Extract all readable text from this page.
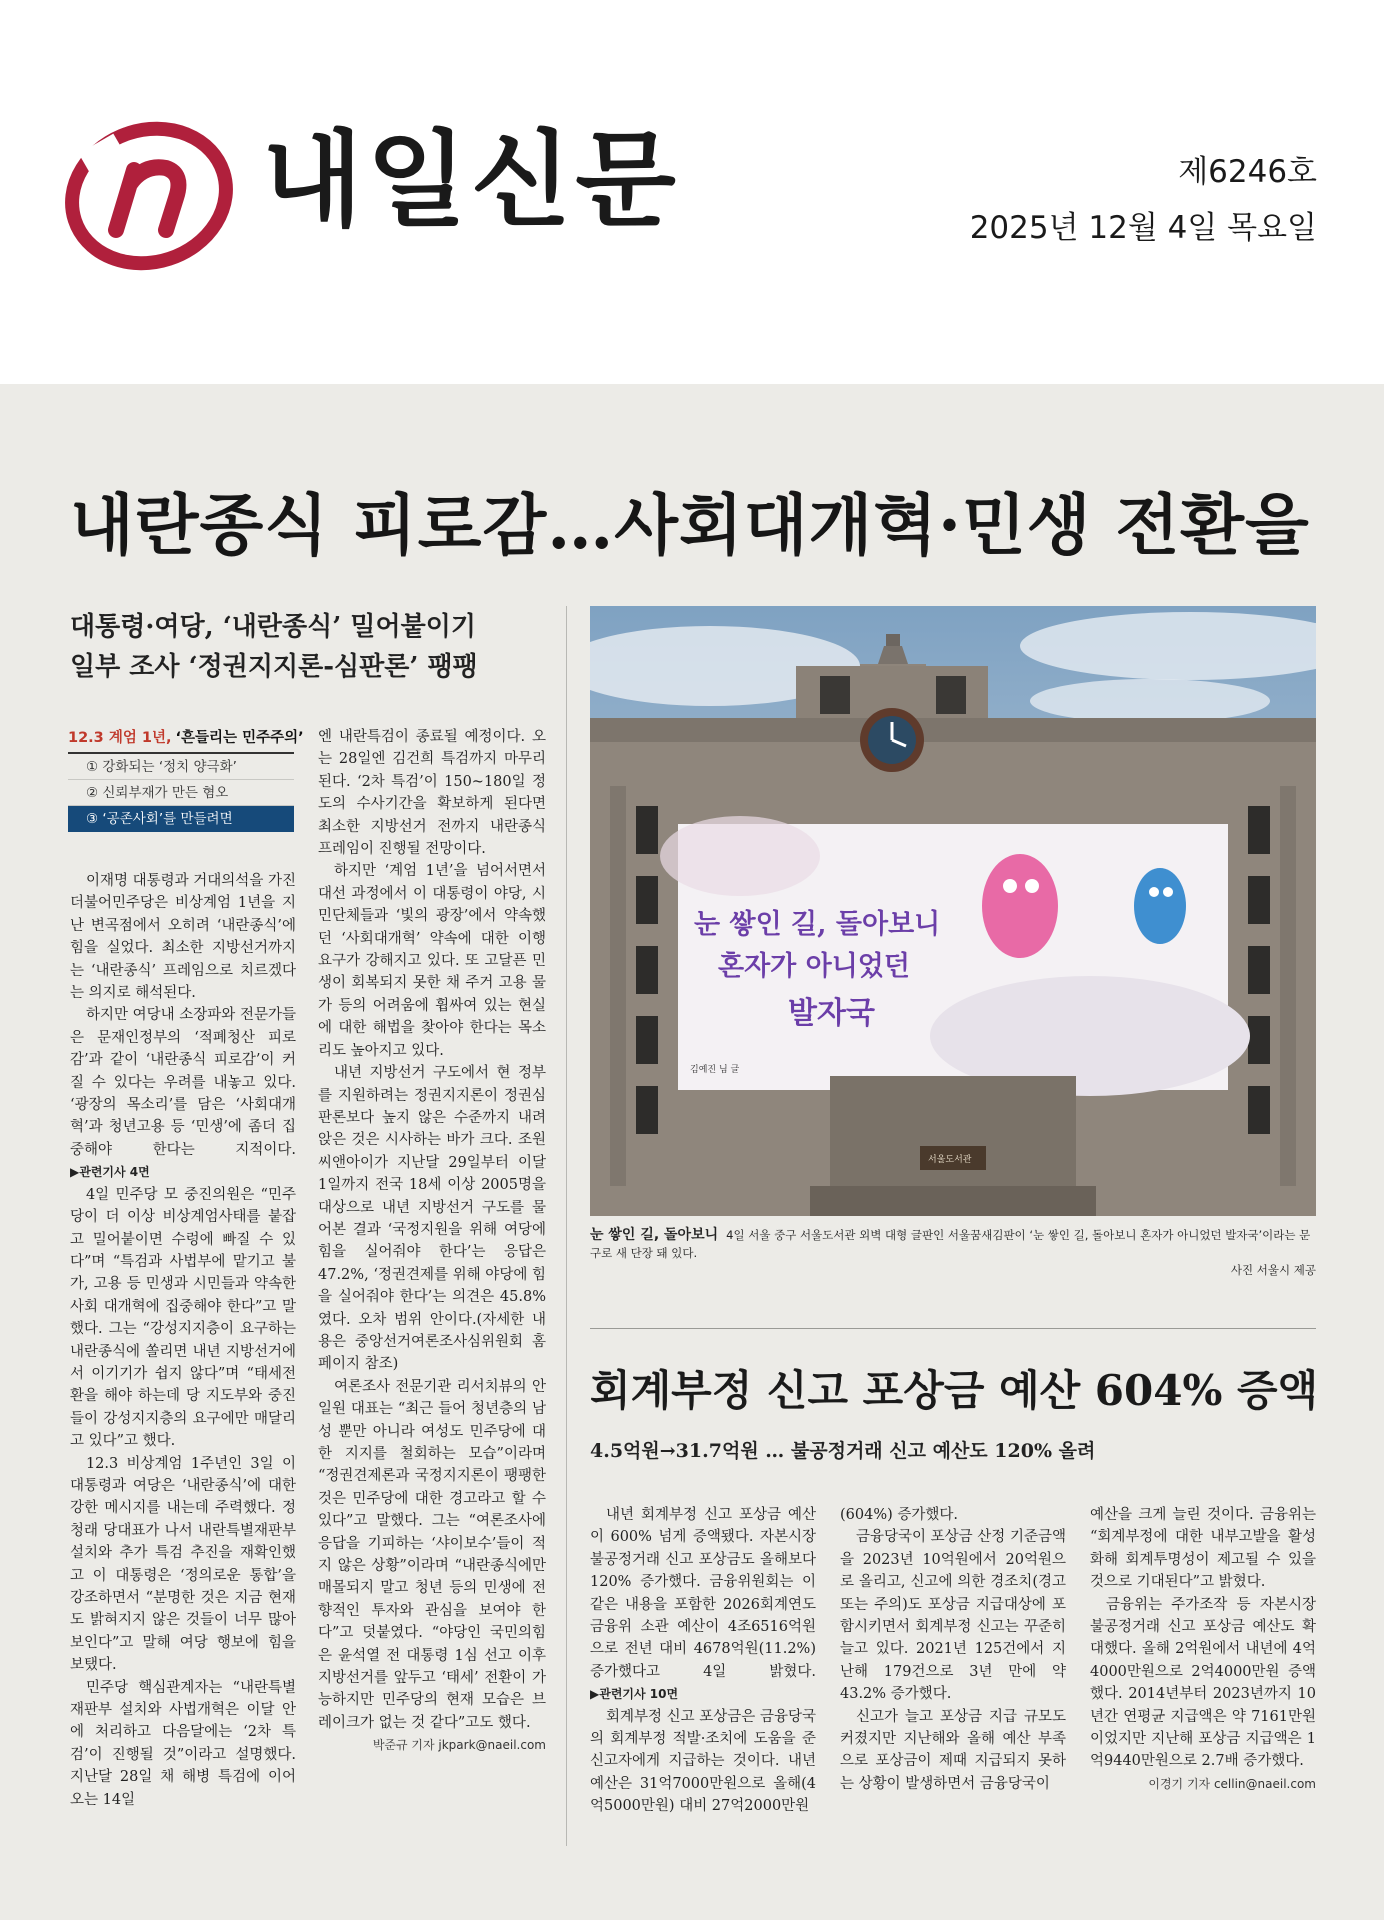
내일신문	제6246호
2025년 12월 4일 목요일
내란종식 피로감…사회대개혁·민생 전환을
대통령·여당, ‘내란종식’ 밀어붙이기
일부 조사 ‘정권지지론-심판론’ 팽팽
12.3 계엄 1년, ‘흔들리는 민주주의’
① 강화되는 ‘정치 양극화’
② 신뢰부재가 만든 혐오
③ ‘공존사회’를 만들려면

이재명 대통령과 거대의석을 가진 더불어민주당은 비상계엄 1년을 지난 변곡점에서 오히려 ‘내란종식’에 힘을 실었다. 최소한 지방선거까지는 ‘내란종식’ 프레임으로 치르겠다는 의지로 해석된다.

하지만 여당내 소장파와 전문가들은 문재인정부의 ‘적폐청산 피로감’과 같이 ‘내란종식 피로감’이 커질 수 있다는 우려를 내놓고 있다. ‘광장의 목소리’를 담은 ‘사회대개혁’과 청년고용 등 ‘민생’에 좀더 집중해야 한다는 지적이다. ▶관련기사 4면

4일 민주당 모 중진의원은 “민주당이 더 이상 비상계엄사태를 붙잡고 밀어붙이면 수렁에 빠질 수 있다”며 “특검과 사법부에 맡기고 불가, 고용 등 민생과 시민들과 약속한 사회 대개혁에 집중해야 한다”고 말했다. 그는 “강성지지층이 요구하는 내란종식에 쏠리면 내년 지방선거에서 이기기가 쉽지 않다”며 “태세전환을 해야 하는데 당 지도부와 중진들이 강성지지층의 요구에만 매달리고 있다”고 했다.

12.3 비상계엄 1주년인 3일 이 대통령과 여당은 ‘내란종식’에 대한 강한 메시지를 내는데 주력했다. 정청래 당대표가 나서 내란특별재판부 설치와 추가 특검 추진을 재확인했고 이 대통령은 ‘정의로운 통합’을 강조하면서 “분명한 것은 지금 현재도 밝혀지지 않은 것들이 너무 많아 보인다”고 말해 여당 행보에 힘을 보탰다.

민주당 핵심관계자는 “내란특별재판부 설치와 사법개혁은 이달 안에 처리하고 다음달에는 ‘2차 특검’이 진행될 것”이라고 설명했다. 지난달 28일 채 해병 특검에 이어 오는 14일

엔 내란특검이 종료될 예정이다. 오는 28일엔 김건희 특검까지 마무리된다. ‘2차 특검’이 150~180일 정도의 수사기간을 확보하게 된다면 최소한 지방선거 전까지 내란종식 프레임이 진행될 전망이다.

하지만 ‘계엄 1년’을 넘어서면서 대선 과정에서 이 대통령이 야당, 시민단체들과 ‘빛의 광장’에서 약속했던 ‘사회대개혁’ 약속에 대한 이행 요구가 강해지고 있다. 또 고달픈 민생이 회복되지 못한 채 주거 고용 물가 등의 어려움에 휩싸여 있는 현실에 대한 해법을 찾아야 한다는 목소리도 높아지고 있다.

내년 지방선거 구도에서 현 정부를 지원하려는 정권지지론이 정권심판론보다 높지 않은 수준까지 내려앉은 것은 시사하는 바가 크다. 조원씨앤아이가 지난달 29일부터 이달 1일까지 전국 18세 이상 2005명을 대상으로 내년 지방선거 구도를 물어본 결과 ‘국정지원을 위해 여당에 힘을 실어줘야 한다’는 응답은 47.2%, ‘정권견제를 위해 야당에 힘을 실어줘야 한다’는 의견은 45.8%였다. 오차 범위 안이다.(자세한 내용은 중앙선거여론조사심위원회 홈페이지 참조)

여론조사 전문기관 리서치뷰의 안일원 대표는 “최근 들어 청년층의 남성 뿐만 아니라 여성도 민주당에 대한 지지를 철회하는 모습”이라며 “정권견제론과 국정지지론이 팽팽한 것은 민주당에 대한 경고라고 할 수 있다”고 말했다. 그는 “여론조사에 응답을 기피하는 ‘샤이보수’들이 적지 않은 상황”이라며 “내란종식에만 매몰되지 말고 청년 등의 민생에 전향적인 투자와 관심을 보여야 한다”고 덧붙였다. “야당인 국민의힘은 윤석열 전 대통령 1심 선고 이후 지방선거를 앞두고 ‘태세’ 전환이 가능하지만 민주당의 현재 모습은 브레이크가 없는 것 같다”고도 했다.

박준규 기자 jkpark@naeil.com

눈 쌓인 길, 돌아보니
혼자가 아니었던
발자국
김예진 님 글
서울도서관
눈 쌓인 길, 돌아보니 4일 서울 중구 서울도서관 외벽 대형 글판인 서울꿈새김판이 ‘눈 쌓인 길, 돌아보니 혼자가 아니었던 발자국’이라는 문구로 새 단장 돼 있다.
사진 서울시 제공
회계부정 신고 포상금 예산 604% 증액
4.5억원→31.7억원 … 불공정거래 신고 예산도 120% 올려

내년 회계부정 신고 포상금 예산이 600% 넘게 증액됐다. 자본시장 불공정거래 신고 포상금도 올해보다 120% 증가했다. 금융위원회는 이 같은 내용을 포함한 2026회계연도 금융위 소관 예산이 4조6516억원으로 전년 대비 4678억원(11.2%) 증가했다고 4일 밝혔다. ▶관련기사 10면

회계부정 신고 포상금은 금융당국의 회계부정 적발·조치에 도움을 준 신고자에게 지급하는 것이다. 내년 예산은 31억7000만원으로 올해(4억5000만원) 대비 27억2000만원

(604%) 증가했다.

금융당국이 포상금 산정 기준금액을 2023년 10억원에서 20억원으로 올리고, 신고에 의한 경조치(경고 또는 주의)도 포상금 지급대상에 포함시키면서 회계부정 신고는 꾸준히 늘고 있다. 2021년 125건에서 지난해 179건으로 3년 만에 약 43.2% 증가했다.

신고가 늘고 포상금 지급 규모도 커졌지만 지난해와 올해 예산 부족으로 포상금이 제때 지급되지 못하는 상황이 발생하면서 금융당국이

예산을 크게 늘린 것이다. 금융위는 “회계부정에 대한 내부고발을 활성화해 회계투명성이 제고될 수 있을 것으로 기대된다”고 밝혔다.

금융위는 주가조작 등 자본시장 불공정거래 신고 포상금 예산도 확대했다. 올해 2억원에서 내년에 4억4000만원으로 2억4000만원 증액했다. 2014년부터 2023년까지 10년간 연평균 지급액은 약 7161만원이었지만 지난해 포상금 지급액은 1억9440만원으로 2.7배 증가했다.

이경기 기자 cellin@naeil.com
